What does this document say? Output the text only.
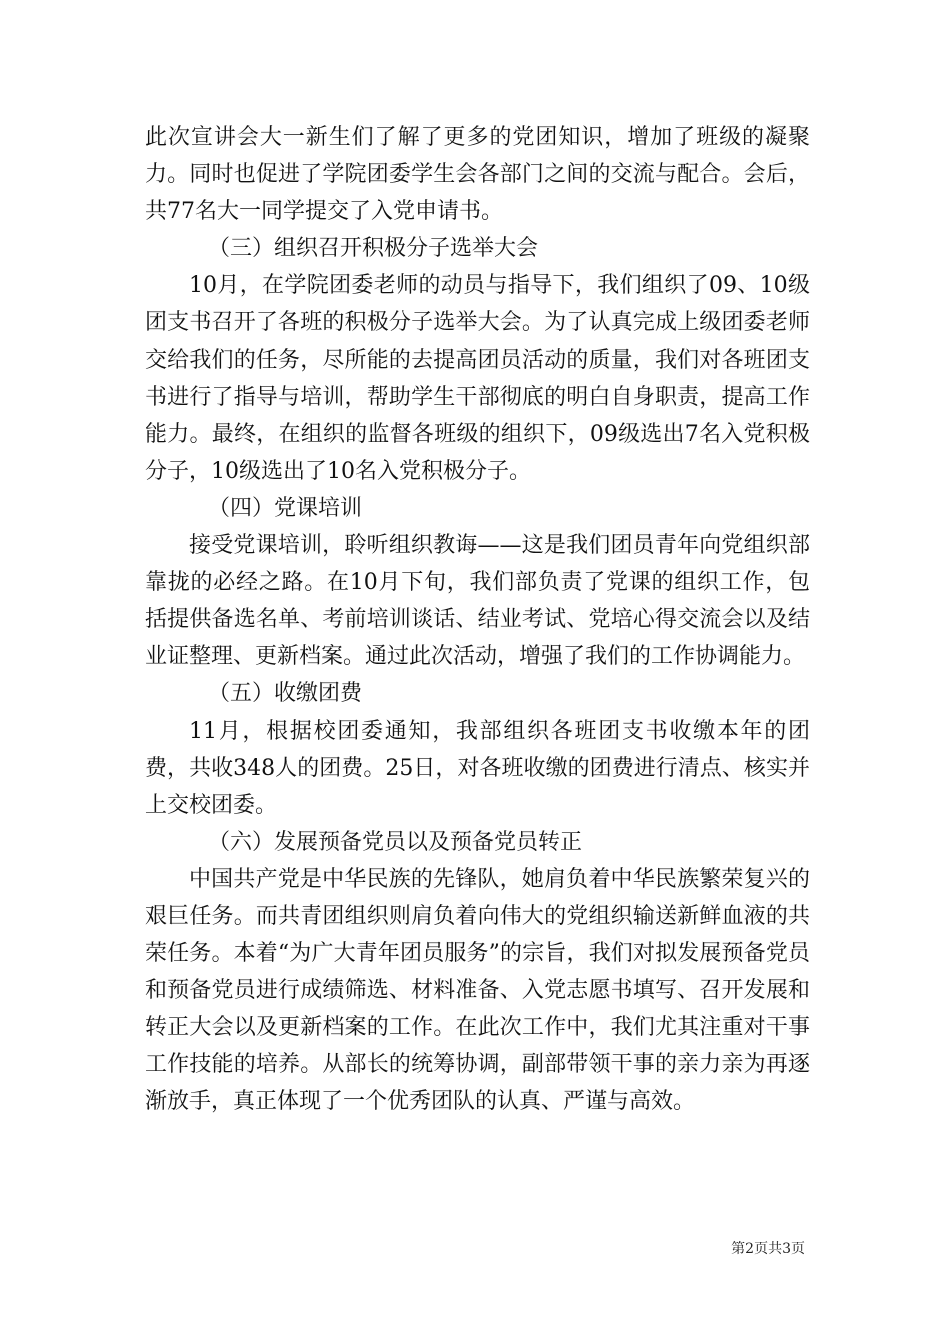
此次宣讲会大一新生们了解了更多的党团知识，增加了班级的凝聚力。同时也促进了学院团委学生会各部门之间的交流与配合。会后，共77名大一同学提交了入党申请书。

（三）组织召开积极分子选举大会

10月，在学院团委老师的动员与指导下，我们组织了09、10级团支书召开了各班的积极分子选举大会。为了认真完成上级团委老师交给我们的任务，尽所能的去提高团员活动的质量，我们对各班团支书进行了指导与培训，帮助学生干部彻底的明白自身职责，提高工作能力。最终，在组织的监督各班级的组织下，09级选出7名入党积极分子，10级选出了10名入党积极分子。

（四）党课培训

接受党课培训，聆听组织教诲——这是我们团员青年向党组织部靠拢的必经之路。在10月下旬，我们部负责了党课的组织工作，包括提供备选名单、考前培训谈话、结业考试、党培心得交流会以及结业证整理、更新档案。通过此次活动，增强了我们的工作协调能力。

（五）收缴团费

11月，根据校团委通知，我部组织各班团支书收缴本年的团费，共收348人的团费。25日，对各班收缴的团费进行清点、核实并上交校团委。

（六）发展预备党员以及预备党员转正

中国共产党是中华民族的先锋队，她肩负着中华民族繁荣复兴的艰巨任务。而共青团组织则肩负着向伟大的党组织输送新鲜血液的共荣任务。本着“为广大青年团员服务”的宗旨，我们对拟发展预备党员和预备党员进行成绩筛选、材料准备、入党志愿书填写、召开发展和转正大会以及更新档案的工作。在此次工作中，我们尤其注重对干事工作技能的培养。从部长的统筹协调，副部带领干事的亲力亲为再逐渐放手，真正体现了一个优秀团队的认真、严谨与高效。

第2页共3页
